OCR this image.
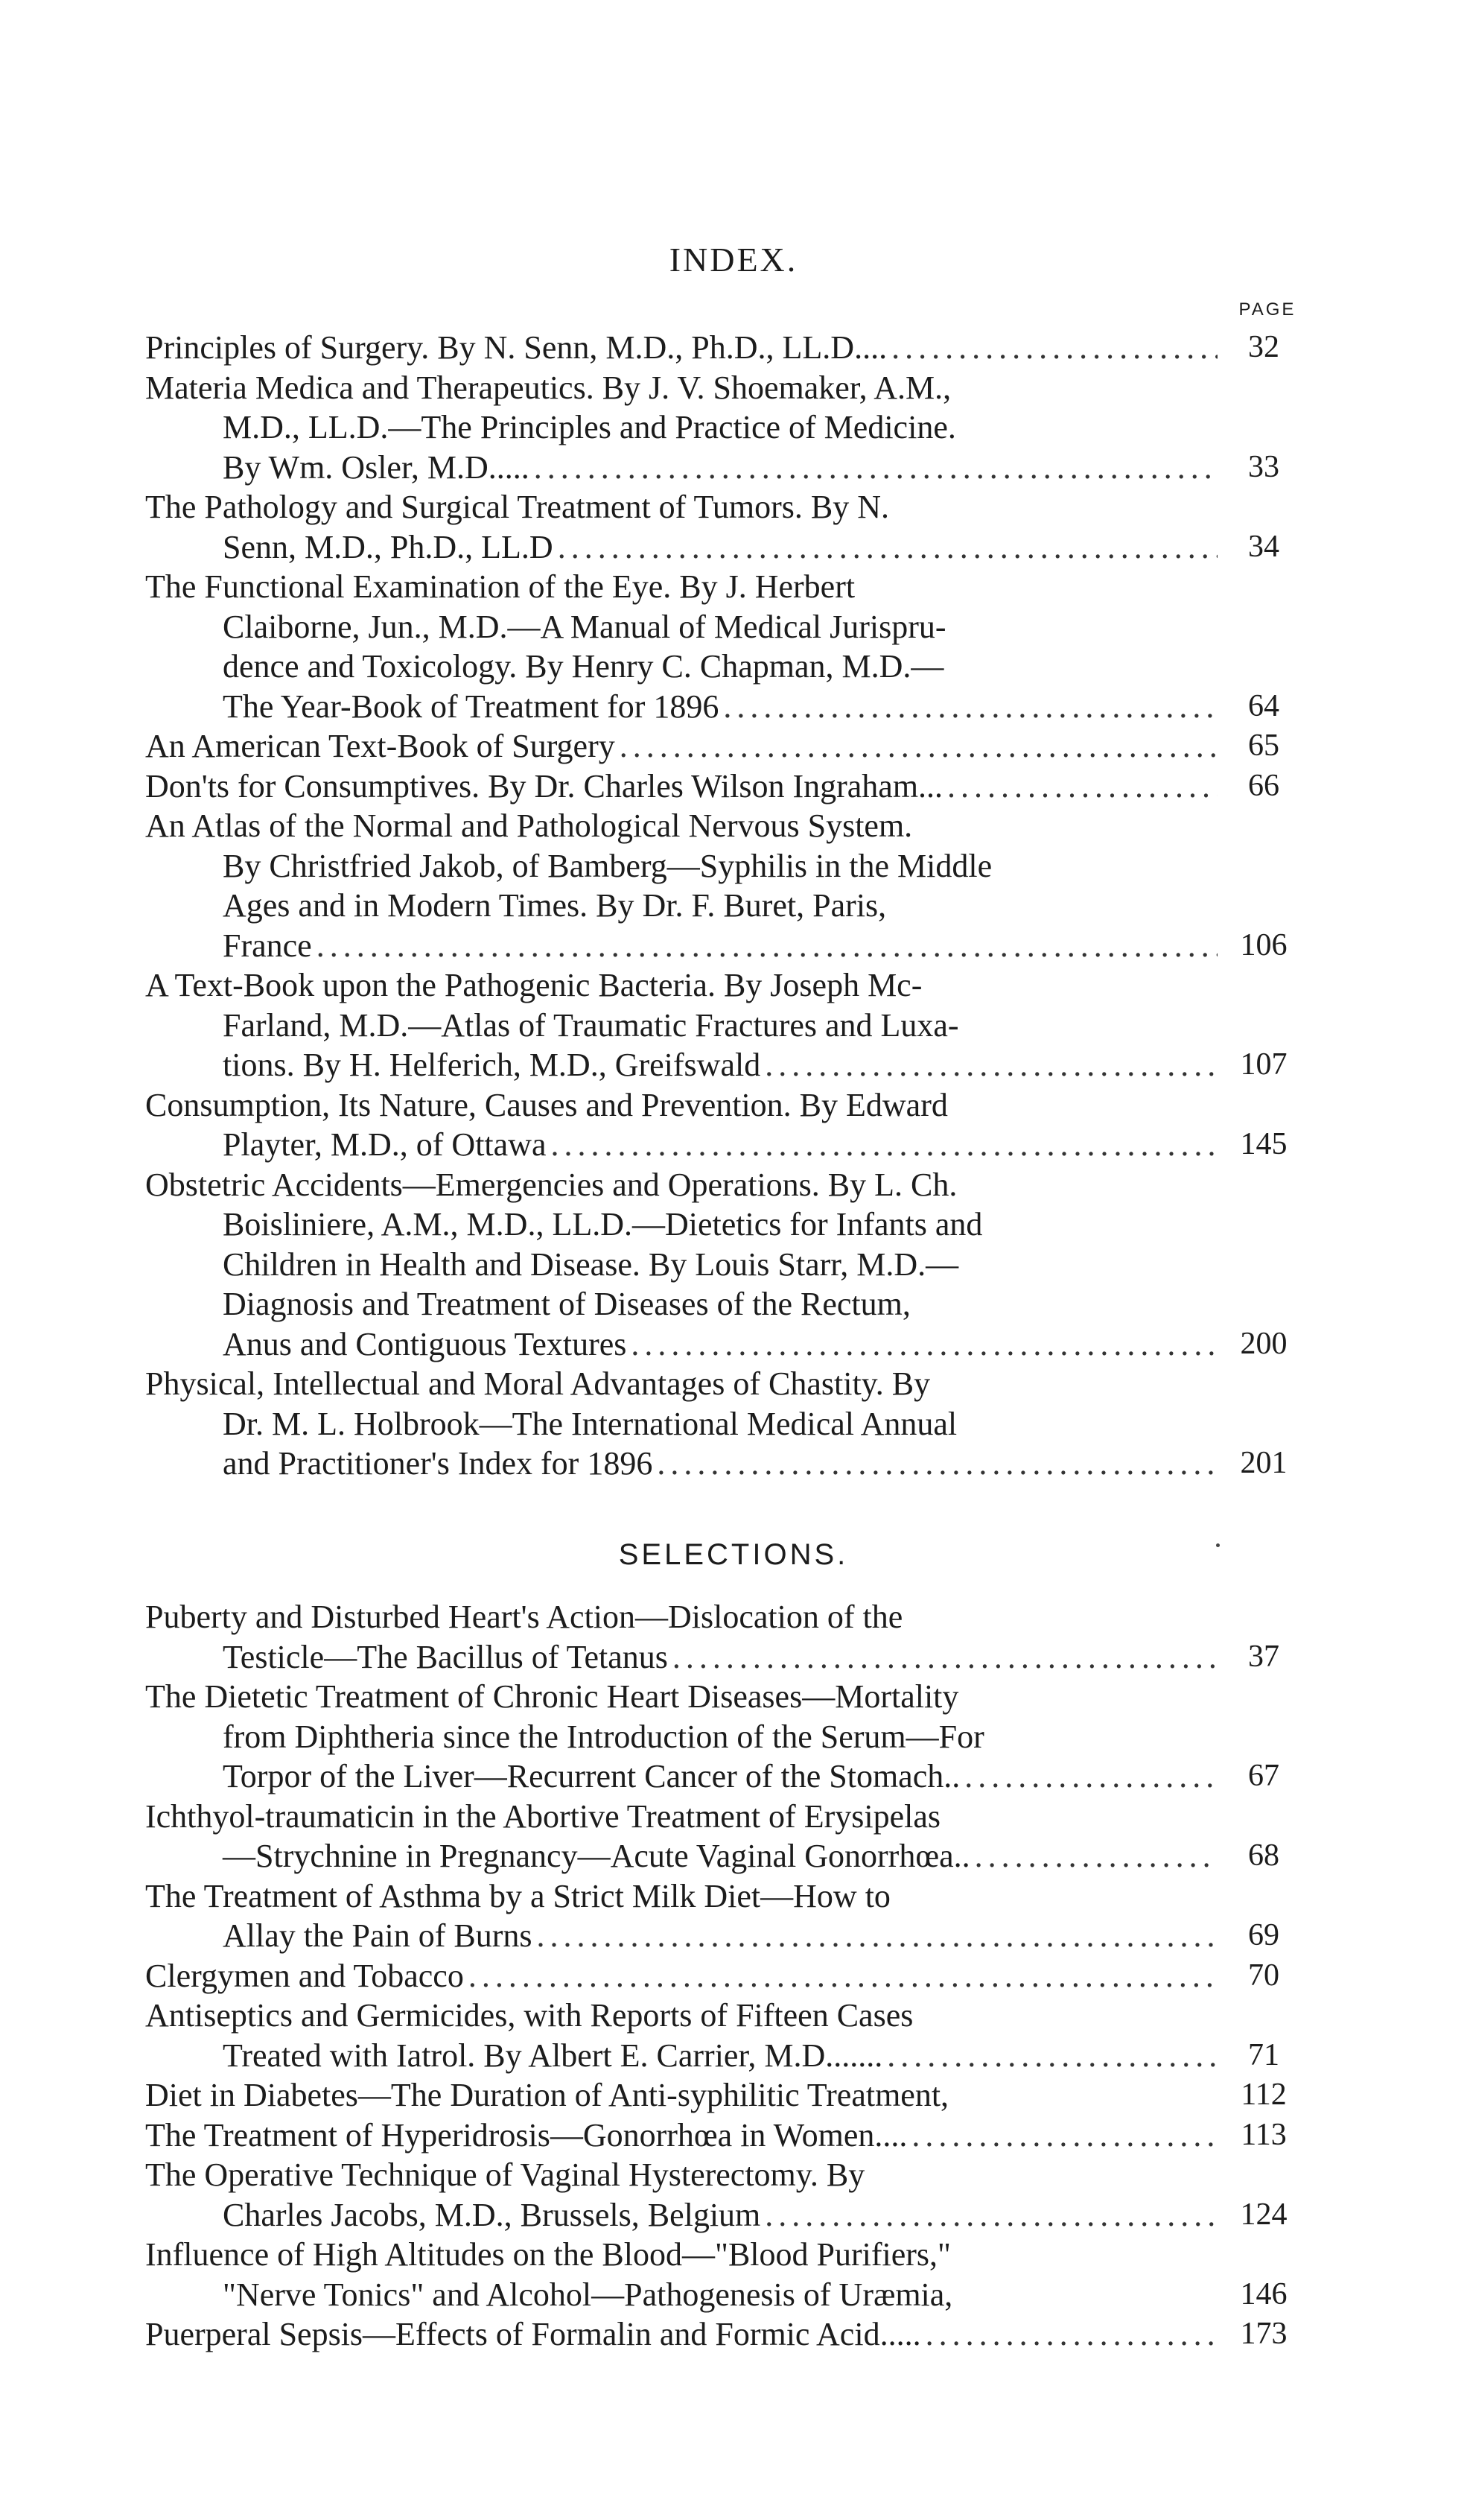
INDEX.
PAGE
Principles of Surgery. By N. Senn, M.D., Ph.D., LL.D.... . . .	32
Materia Medica and Therapeutics. By J. V. Shoemaker, A.M.,
M.D., LL.D.—The Principles and Practice of Medicine.
By Wm. Osler, M.D..... . . .	33
The Pathology and Surgical Treatment of Tumors. By N.
Senn, M.D., Ph.D., LL.D . . .	34
The Functional Examination of the Eye. By J. Herbert
Claiborne, Jun., M.D.—A Manual of Medical Jurispru-
dence and Toxicology. By Henry C. Chapman, M.D.—
The Year-Book of Treatment for 1896 . . .	64
An American Text-Book of Surgery . . .	65
Don'ts for Consumptives. By Dr. Charles Wilson Ingraham... . . .	66
An Atlas of the Normal and Pathological Nervous System.
By Christfried Jakob, of Bamberg—Syphilis in the Middle
Ages and in Modern Times. By Dr. F. Buret, Paris,
France . . .	106
A Text-Book upon the Pathogenic Bacteria. By Joseph Mc-
Farland, M.D.—Atlas of Traumatic Fractures and Luxa-
tions. By H. Helferich, M.D., Greifswald . . .	107
Consumption, Its Nature, Causes and Prevention. By Edward
Playter, M.D., of Ottawa . . .	145
Obstetric Accidents—Emergencies and Operations. By L. Ch.
Boisliniere, A.M., M.D., LL.D.—Dietetics for Infants and
Children in Health and Disease. By Louis Starr, M.D.—
Diagnosis and Treatment of Diseases of the Rectum,
Anus and Contiguous Textures . . .	200
Physical, Intellectual and Moral Advantages of Chastity. By
Dr. M. L. Holbrook—The International Medical Annual
and Practitioner's Index for 1896 . . .	201
SELECTIONS.
Puberty and Disturbed Heart's Action—Dislocation of the
Testicle—The Bacillus of Tetanus . . .	37
The Dietetic Treatment of Chronic Heart Diseases—Mortality
from Diphtheria since the Introduction of the Serum—For
Torpor of the Liver—Recurrent Cancer of the Stomach.. . . .	67
Ichthyol-traumaticin in the Abortive Treatment of Erysipelas
—Strychnine in Pregnancy—Acute Vaginal Gonorrhœa.. . . .	68
The Treatment of Asthma by a Strict Milk Diet—How to
Allay the Pain of Burns . . .	69
Clergymen and Tobacco . . .	70
Antiseptics and Germicides, with Reports of Fifteen Cases
Treated with Iatrol. By Albert E. Carrier, M.D....... . . .	71
Diet in Diabetes—The Duration of Anti-syphilitic Treatment,	112
The Treatment of Hyperidrosis—Gonorrhœa in Women.... . . .	113
The Operative Technique of Vaginal Hysterectomy. By
Charles Jacobs, M.D., Brussels, Belgium . . .	124
Influence of High Altitudes on the Blood—"Blood Purifiers,"
"Nerve Tonics" and Alcohol—Pathogenesis of Uræmia,	146
Puerperal Sepsis—Effects of Formalin and Formic Acid..... . . .	173
